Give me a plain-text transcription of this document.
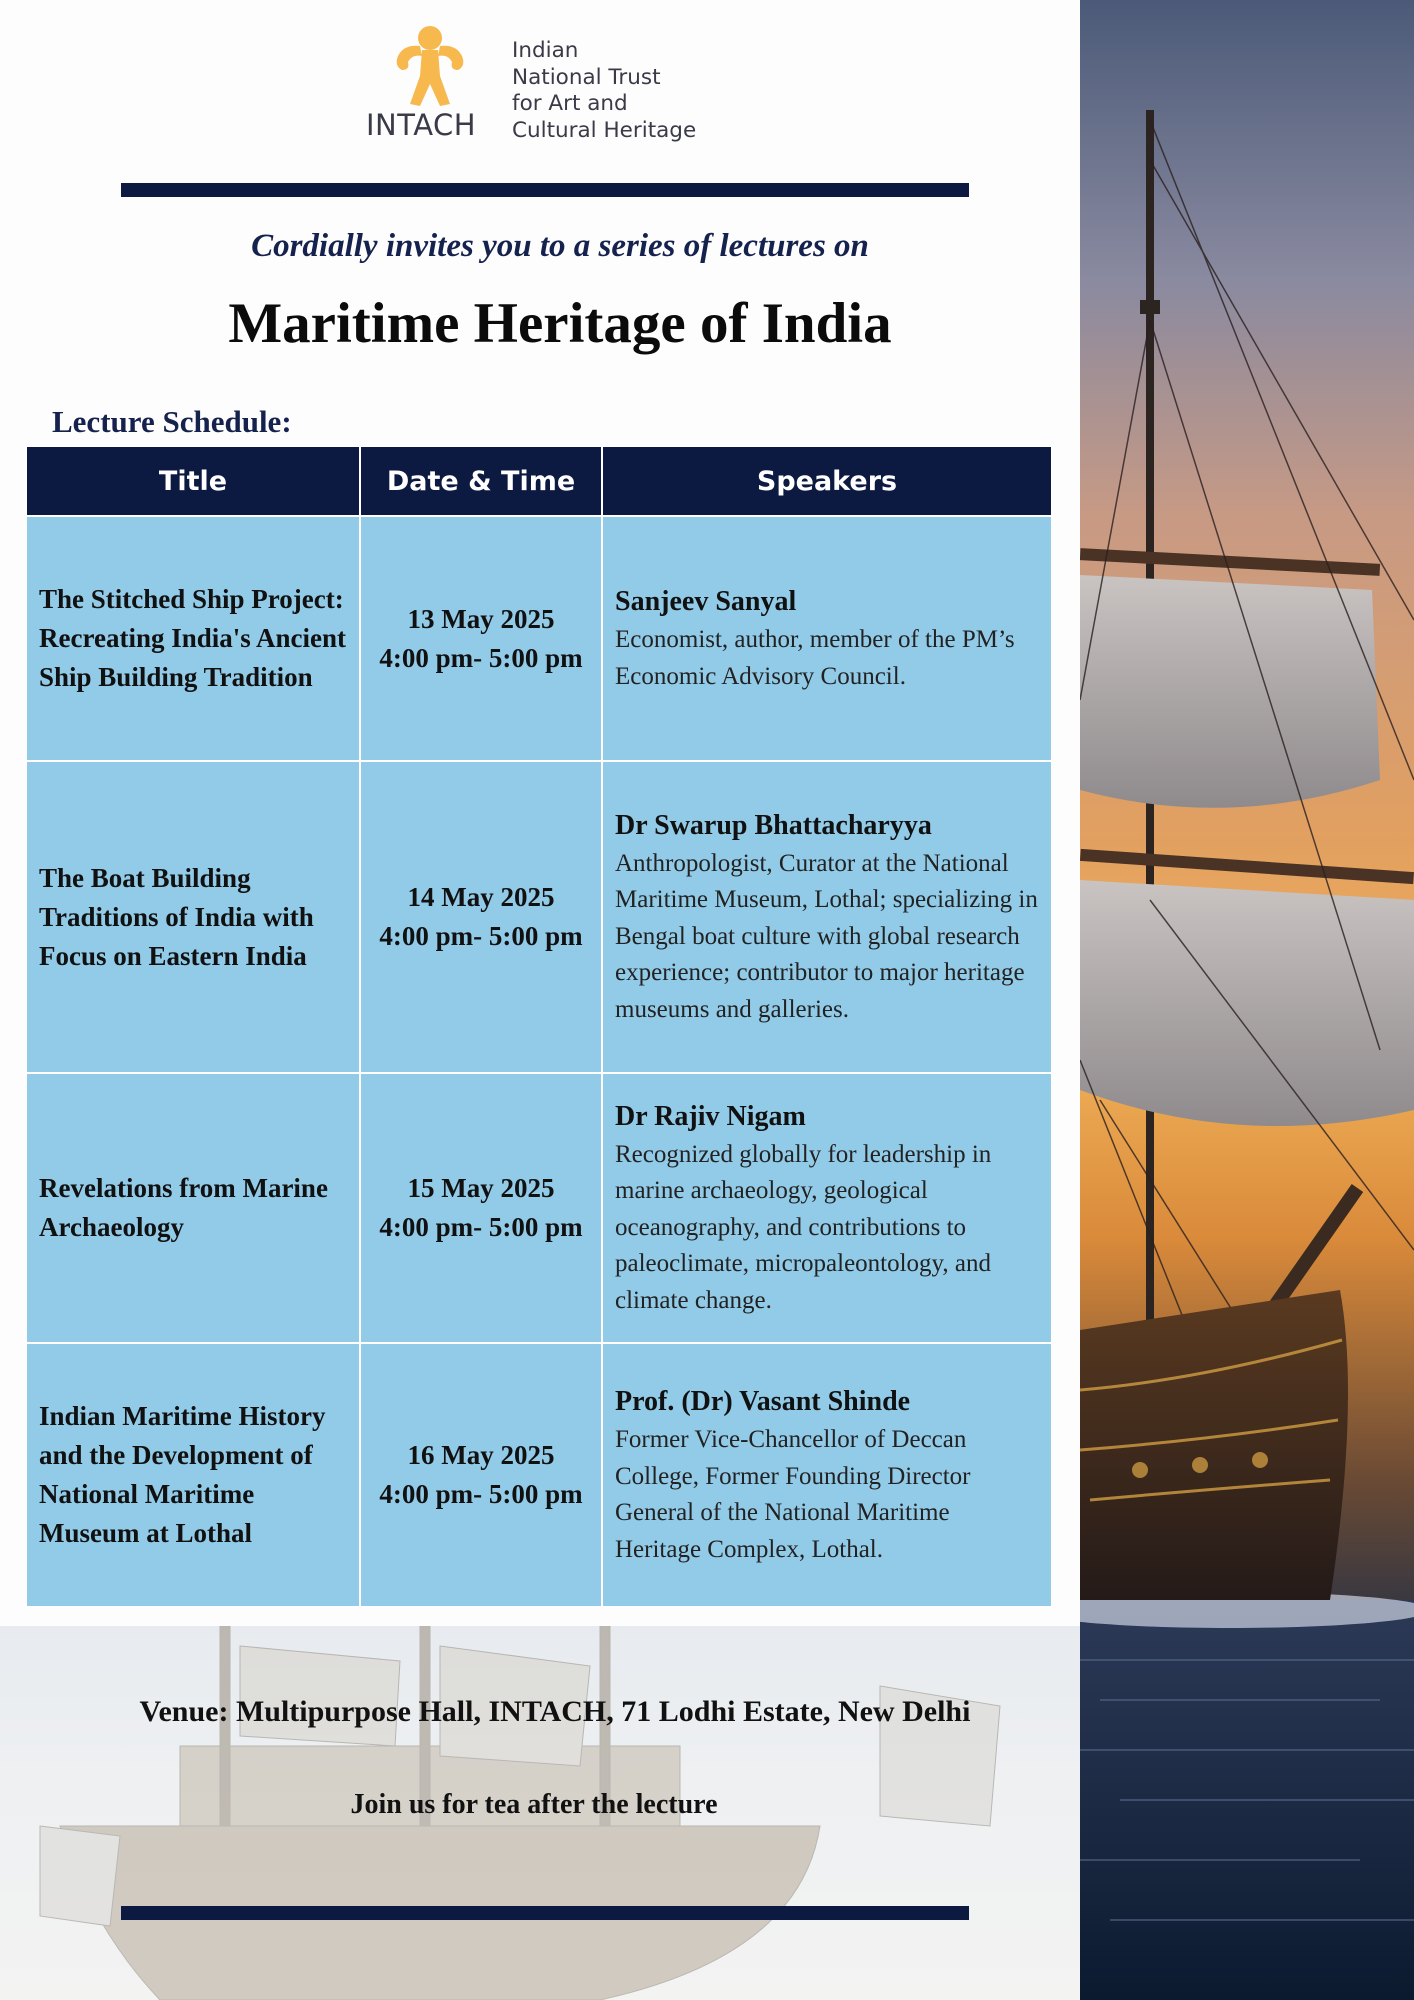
INTACH
Indian
National Trust
for Art and
Cultural Heritage
Cordially invites you to a series of lectures on
Maritime Heritage of India
Lecture Schedule:
Title	Date & Time	Speakers
The Stitched Ship Project: Recreating India's Ancient Ship Building Tradition
13 May 2025
4:00 pm- 5:00 pm
Sanjeev Sanyal
Economist, author, member of the PM’s Economic Advisory Council.
The Boat Building Traditions of India with Focus on Eastern India
14 May 2025
4:00 pm- 5:00 pm
Dr Swarup Bhattacharyya
Anthropologist, Curator at the National Maritime Museum, Lothal; specializing in Bengal boat culture with global research experience; contributor to major heritage museums and galleries.
Revelations from Marine Archaeology
15 May 2025
4:00 pm- 5:00 pm
Dr Rajiv Nigam
Recognized globally for leadership in marine archaeology, geological oceanography, and contributions to paleoclimate, micropaleontology, and climate change.
Indian Maritime History and the Development of National Maritime Museum at Lothal
16 May 2025
4:00 pm- 5:00 pm
Prof. (Dr) Vasant Shinde
Former Vice-Chancellor of Deccan College, Former Founding Director General of the National Maritime Heritage Complex, Lothal.
Venue: Multipurpose Hall, INTACH, 71 Lodhi Estate, New Delhi
Join us for tea after the lecture
